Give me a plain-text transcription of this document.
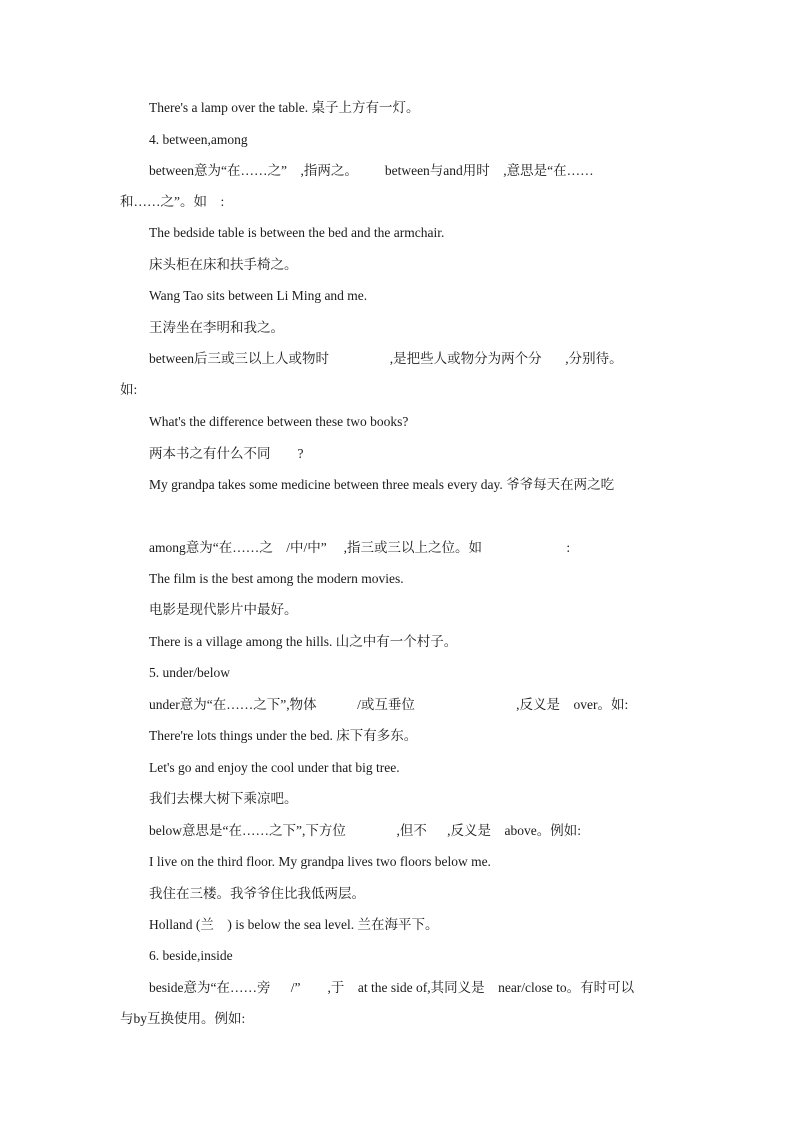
There's a lamp over the table. 桌子上方有一灯。
4. between,among
between意为“在……之”    ,指两之。        between与and用时    ,意思是“在……
和……之”。如    :
The bedside table is between the bed and the armchair.
床头柜在床和扶手椅之。
Wang Tao sits between Li Ming and me.
王涛坐在李明和我之。
between后三或三以上人或物时                  ,是把些人或物分为两个分       ,分别待。
如:
What's the difference between these two books?
两本书之有什么不同        ?
My grandpa takes some medicine between three meals every day. 爷爷每天在两之吃
among意为“在……之    /中/中”     ,指三或三以上之位。如                         :
The film is the best among the modern movies.
电影是现代影片中最好。
There is a village among the hills. 山之中有一个村子。
5. under/below
under意为“在……之下”,物体            /或互垂位                              ,反义是    over。如:
There're lots things under the bed. 床下有多东。
Let's go and enjoy the cool under that big tree.
我们去棵大树下乘凉吧。
below意思是“在……之下”,下方位               ,但不      ,反义是    above。例如:
I live on the third floor. My grandpa lives two floors below me.
我住在三楼。我爷爷住比我低两层。
Holland (兰    ) is below the sea level. 兰在海平下。
6. beside,inside
beside意为“在……旁      /”        ,于    at the side of,其同义是    near/close to。有时可以
与by互换使用。例如:
